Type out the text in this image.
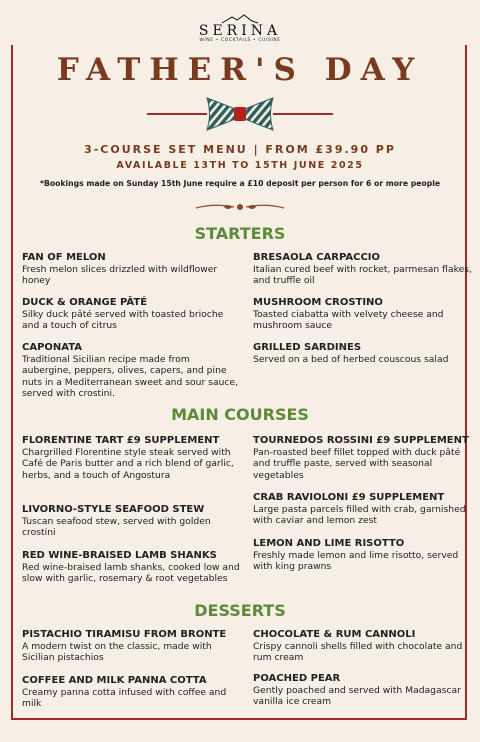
SERINA
WINE • COCKTAILS • CUISINE
FATHER'S DAY
3-COURSE SET MENU | FROM £39.90 PP
AVAILABLE 13TH TO 15TH JUNE 2025
*Bookings made on Sunday 15th June require a £10 deposit per person for 6 or more people
STARTERS
FAN OF MELON
Fresh melon slices drizzled with wildflower honey
DUCK & ORANGE PÂTÉ
Silky duck pâté served with toasted brioche and a touch of citrus
CAPONATA
Traditional Sicilian recipe made from aubergine, peppers, olives, capers, and pine nuts in a Mediterranean sweet and sour sauce, served with crostini.
BRESAOLA CARPACCIO
Italian cured beef with rocket, parmesan flakes, and truffle oil
MUSHROOM CROSTINO
Toasted ciabatta with velvety cheese and mushroom sauce
GRILLED SARDINES
Served on a bed of herbed couscous salad
MAIN COURSES
FLORENTINE TART £9 SUPPLEMENT
Chargrilled Florentine style steak served with Café de Paris butter and a rich blend of garlic, herbs, and a touch of Angostura
LIVORNO-STYLE SEAFOOD STEW
Tuscan seafood stew, served with golden crostini
RED WINE-BRAISED LAMB SHANKS
Red wine-braised lamb shanks, cooked low and slow with garlic, rosemary & root vegetables
TOURNEDOS ROSSINI £9 SUPPLEMENT
Pan-roasted beef fillet topped with duck pâté and truffle paste, served with seasonal vegetables
CRAB RAVIOLONI £9 SUPPLEMENT
Large pasta parcels filled with crab, garnished with caviar and lemon zest
LEMON AND LIME RISOTTO
Freshly made lemon and lime risotto, served with king prawns
DESSERTS
PISTACHIO TIRAMISU FROM BRONTE
A modern twist on the classic, made with Sicilian pistachios
COFFEE AND MILK PANNA COTTA
Creamy panna cotta infused with coffee and milk
CHOCOLATE & RUM CANNOLI
Crispy cannoli shells filled with chocolate and rum cream
POACHED PEAR
Gently poached and served with Madagascar vanilla ice cream
